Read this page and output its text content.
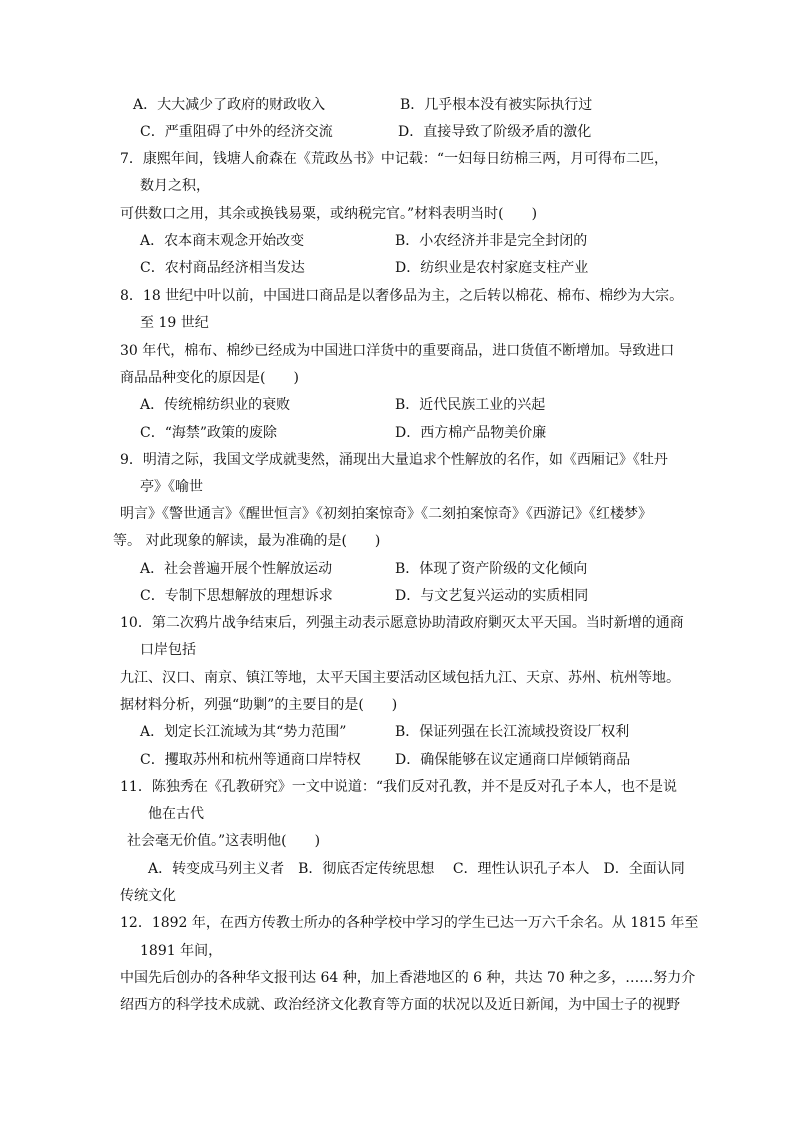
A．大大减少了政府的财政收入	B．几乎根本没有被实际执行过
C．严重阻碍了中外的经济交流	D．直接导致了阶级矛盾的激化
7．康熙年间，钱塘人俞森在《荒政丛书》中记载：“一妇每日纺棉三两，月可得布二匹，
数月之积，
可供数口之用，其余或换钱易粟，或纳税完官。”材料表明当时(　　)
A．农本商末观念开始改变	B．小农经济并非是完全封闭的
C．农村商品经济相当发达	D．纺织业是农村家庭支柱产业
8．18 世纪中叶以前，中国进口商品是以奢侈品为主，之后转以棉花、棉布、棉纱为大宗。
至 19 世纪
30 年代，棉布、棉纱已经成为中国进口洋货中的重要商品，进口货值不断增加。导致进口
商品品种变化的原因是(　　)
A．传统棉纺织业的衰败	B．近代民族工业的兴起
C．“海禁”政策的废除	D．西方棉产品物美价廉
9．明清之际，我国文学成就斐然，涌现出大量追求个性解放的名作，如《西厢记》《牡丹
亭》《喻世
明言》《警世通言》《醒世恒言》《初刻拍案惊奇》《二刻拍案惊奇》《西游记》《红楼梦》
等。 对此现象的解读，最为准确的是(　　)
A．社会普遍开展个性解放运动	B．体现了资产阶级的文化倾向
C．专制下思想解放的理想诉求	D．与文艺复兴运动的实质相同
10．第二次鸦片战争结束后，列强主动表示愿意协助清政府剿灭太平天国。当时新增的通商
口岸包括
九江、汉口、南京、镇江等地，太平天国主要活动区域包括九江、天京、苏州、杭州等地。
据材料分析，列强“助剿”的主要目的是(　　)
A．划定长江流域为其“势力范围”	B．保证列强在长江流域投资设厂权利
C．攫取苏州和杭州等通商口岸特权 D．确保能够在议定通商口岸倾销商品
11．陈独秀在《孔教研究》一文中说道：“我们反对孔教，并不是反对孔子本人，也不是说
他在古代
社会毫无价值。”这表明他(　　)
A．转变成马列主义者　B．彻底否定传统思想　 C．理性认识孔子本人　D．全面认同
传统文化
12．1892 年，在西方传教士所办的各种学校中学习的学生已达一万六千余名。从 1815 年至
1891 年间，
中国先后创办的各种华文报刊达 64 种，加上香港地区的 6 种，共达 70 种之多，……努力介
绍西方的科学技术成就、政治经济文化教育等方面的状况以及近日新闻，为中国士子的视野
